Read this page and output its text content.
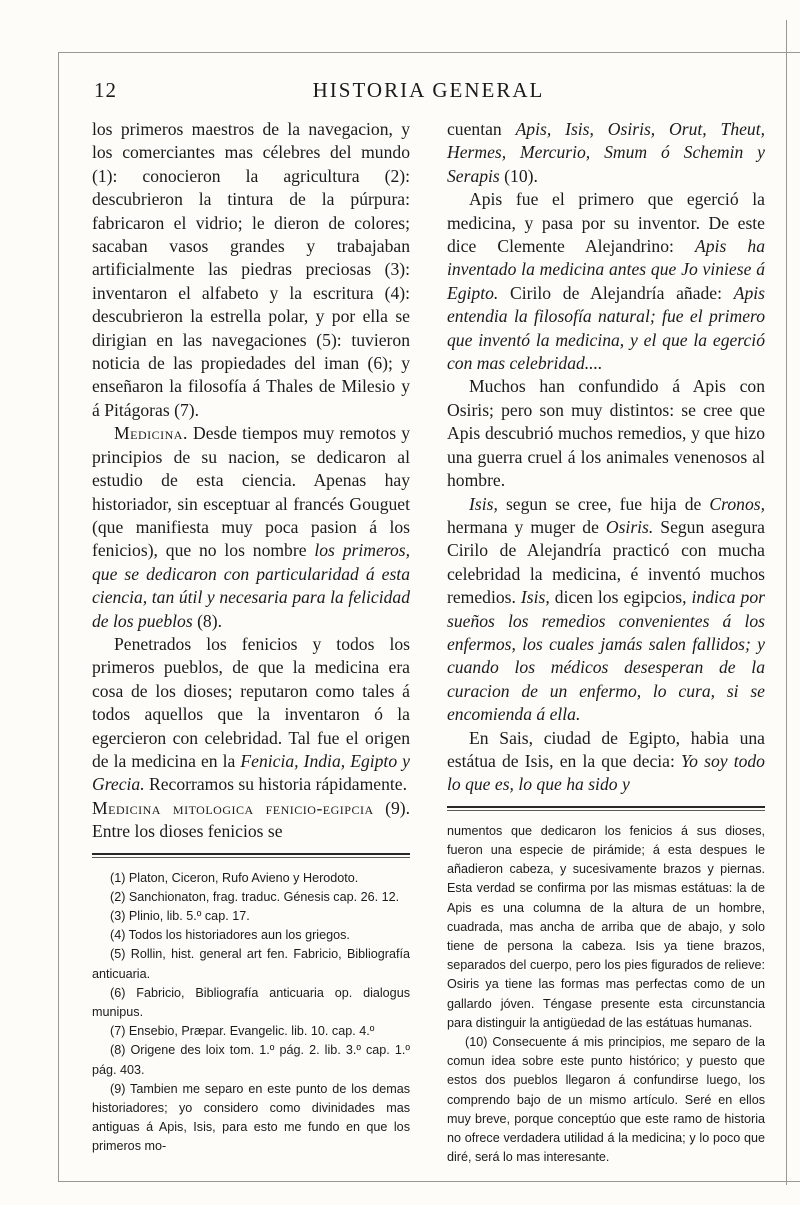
HISTORIA GENERAL
12

los primeros maestros de la navegacion, y los comerciantes mas célebres del mundo (1): conocieron la agricultura (2): descubrieron la tintura de la púrpura: fabricaron el vidrio; le dieron de colores; sacaban vasos grandes y trabajaban artificialmente las piedras preciosas (3): inventaron el alfabeto y la escritura (4): descubrieron la estrella polar, y por ella se dirigian en las navegaciones (5): tuvieron noticia de las propiedades del iman (6); y enseñaron la filosofía á Thales de Milesio y á Pitágoras (7).

Medicina. Desde tiempos muy remotos y principios de su nacion, se dedicaron al estudio de esta ciencia. Apenas hay historiador, sin esceptuar al francés Gouguet (que manifiesta muy poca pasion á los fenicios), que no los nombre los primeros, que se dedicaron con particularidad á esta ciencia, tan útil y necesaria para la felicidad de los pueblos (8).

Penetrados los fenicios y todos los primeros pueblos, de que la medicina era cosa de los dioses; reputaron como tales á todos aquellos que la inventaron ó la egercieron con celebridad. Tal fue el origen de la medicina en la Fenicia, India, Egipto y Grecia. Recorramos su historia rápidamente.

Medicina mitologica fenicio-egipcia (9). Entre los dioses fenicios se

(1) Platon, Ciceron, Rufo Avieno y Herodoto.

(2) Sanchionaton, frag. traduc. Génesis cap. 26. 12.

(3) Plinio, lib. 5.º cap. 17.

(4) Todos los historiadores aun los griegos.

(5) Rollin, hist. general art fen. Fabricio, Bibliografía anticuaria.

(6) Fabricio, Bibliografía anticuaria op. dialogus munipus.

(7) Ensebio, Præpar. Evangelic. lib. 10. cap. 4.º

(8) Origene des loix tom. 1.º pág. 2. lib. 3.º cap. 1.º pág. 403.

(9) Tambien me separo en este punto de los demas historiadores; yo considero como divinidades mas antiguas á Apis, Isis, para esto me fundo en que los primeros mo-

cuentan Apis, Isis, Osiris, Orut, Theut, Hermes, Mercurio, Smum ó Schemin y Serapis (10).

Apis fue el primero que egerció la medicina, y pasa por su inventor. De este dice Clemente Alejandrino: Apis ha inventado la medicina antes que Jo viniese á Egipto. Cirilo de Alejandría añade: Apis entendia la filosofía natural; fue el primero que inventó la medicina, y el que la egerció con mas celebridad....

Muchos han confundido á Apis con Osiris; pero son muy distintos: se cree que Apis descubrió muchos remedios, y que hizo una guerra cruel á los animales venenosos al hombre.

Isis, segun se cree, fue hija de Cronos, hermana y muger de Osiris. Segun asegura Cirilo de Alejandría practicó con mucha celebridad la medicina, é inventó muchos remedios. Isis, dicen los egipcios, indica por sueños los remedios convenientes á los enfermos, los cuales jamás salen fallidos; y cuando los médicos desesperan de la curacion de un enfermo, lo cura, si se encomienda á ella.

En Sais, ciudad de Egipto, habia una estátua de Isis, en la que decia: Yo soy todo lo que es, lo que ha sido y

numentos que dedicaron los fenicios á sus dioses, fueron una especie de pirámide; á esta despues le añadieron cabeza, y sucesivamente brazos y piernas. Esta verdad se confirma por las mismas estátuas: la de Apis es una columna de la altura de un hombre, cuadrada, mas ancha de arriba que de abajo, y solo tiene de persona la cabeza. Isis ya tiene brazos, separados del cuerpo, pero los pies figurados de relieve: Osiris ya tiene las formas mas perfectas como de un gallardo jóven. Téngase presente esta circunstancia para distinguir la antigüedad de las estátuas humanas.

(10) Consecuente á mis principios, me separo de la comun idea sobre este punto histórico; y puesto que estos dos pueblos llegaron á confundirse luego, los comprendo bajo de un mismo artículo. Seré en ellos muy breve, porque conceptúo que este ramo de historia no ofrece verdadera utilidad á la medicina; y lo poco que diré, será lo mas interesante.
